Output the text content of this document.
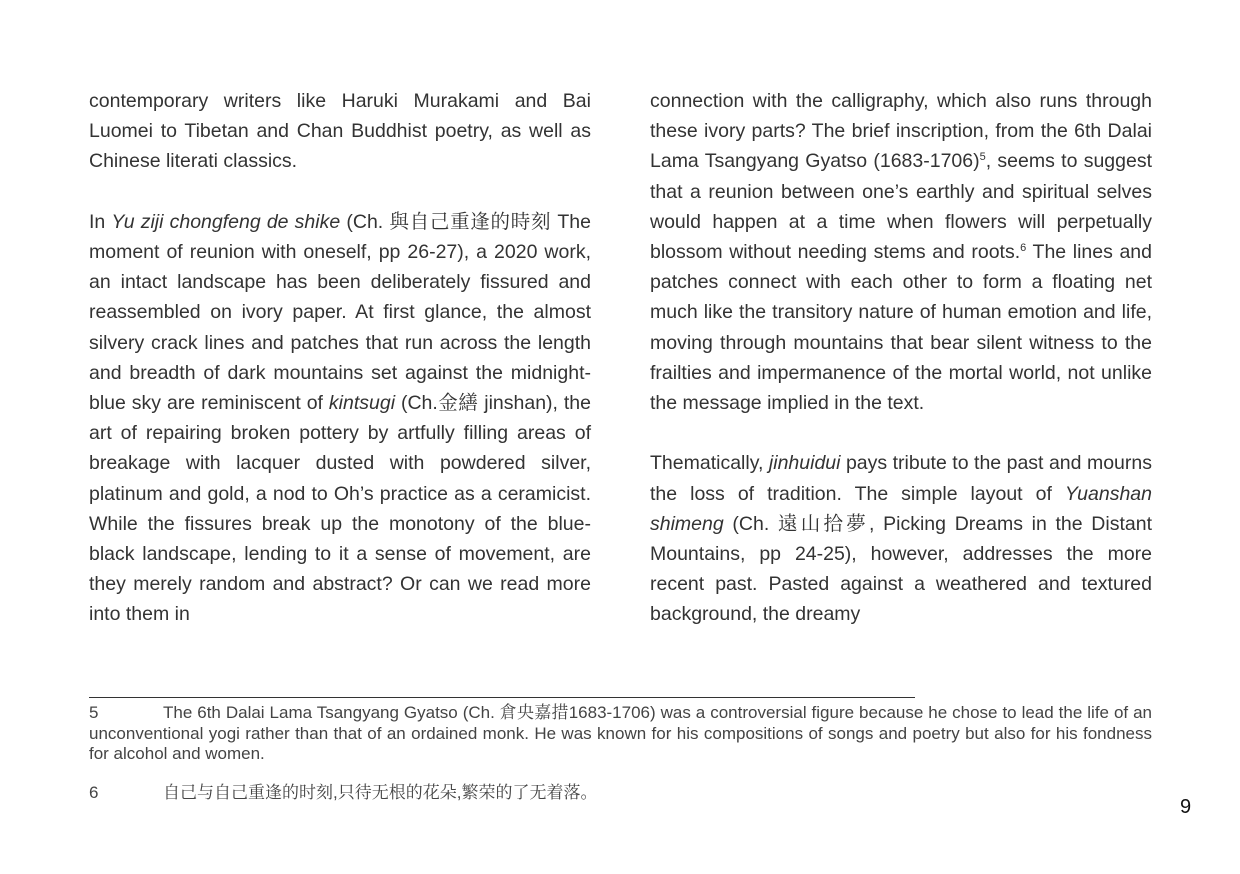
contemporary writers like Haruki Murakami and Bai Luomei to Tibetan and Chan Buddhist poetry, as well as Chinese literati classics.

In Yu ziji chongfeng de shike (Ch. 與自己重逢的時刻 The moment of reunion with oneself, pp 26-27), a 2020 work, an intact landscape has been deliberately fissured and reassembled on ivory paper. At first glance, the almost silvery crack lines and patches that run across the length and breadth of dark mountains set against the midnight-blue sky are reminiscent of kintsugi (Ch.金繕 jinshan), the art of repairing broken pottery by artfully filling areas of breakage with lacquer dusted with powdered silver, platinum and gold, a nod to Oh’s practice as a ceramicist. While the fissures break up the monotony of the blue-black landscape, lending to it a sense of movement, are they merely random and abstract? Or can we read more into them in

connection with the calligraphy, which also runs through these ivory parts? The brief inscription, from the 6th Dalai Lama Tsangyang Gyatso (1683-1706)$^5$, seems to suggest that a reunion between one’s earthly and spiritual selves would happen at a time when flowers will perpetually blossom without needing stems and roots.$^6$ The lines and patches connect with each other to form a floating net much like the transitory nature of human emotion and life, moving through mountains that bear silent witness to the frailties and impermanence of the mortal world, not unlike the message implied in the text.

Thematically, jinhuidui pays tribute to the past and mourns the loss of tradition. The simple layout of Yuanshan shimeng (Ch. 遠山拾夢, Picking Dreams in the Distant Mountains, pp 24-25), however, addresses the more recent past. Pasted against a weathered and textured background, the dreamy

5	The 6th Dalai Lama Tsangyang Gyatso (Ch. 倉央嘉措1683-1706) was a controversial figure because he chose to lead the life of an unconventional yogi rather than that of an ordained monk. He was known for his compositions of songs and poetry but also for his fondness for alcohol and women.

6	自己与自己重逢的时刻,只待无根的花朵,繁荣的了无着落。

9
